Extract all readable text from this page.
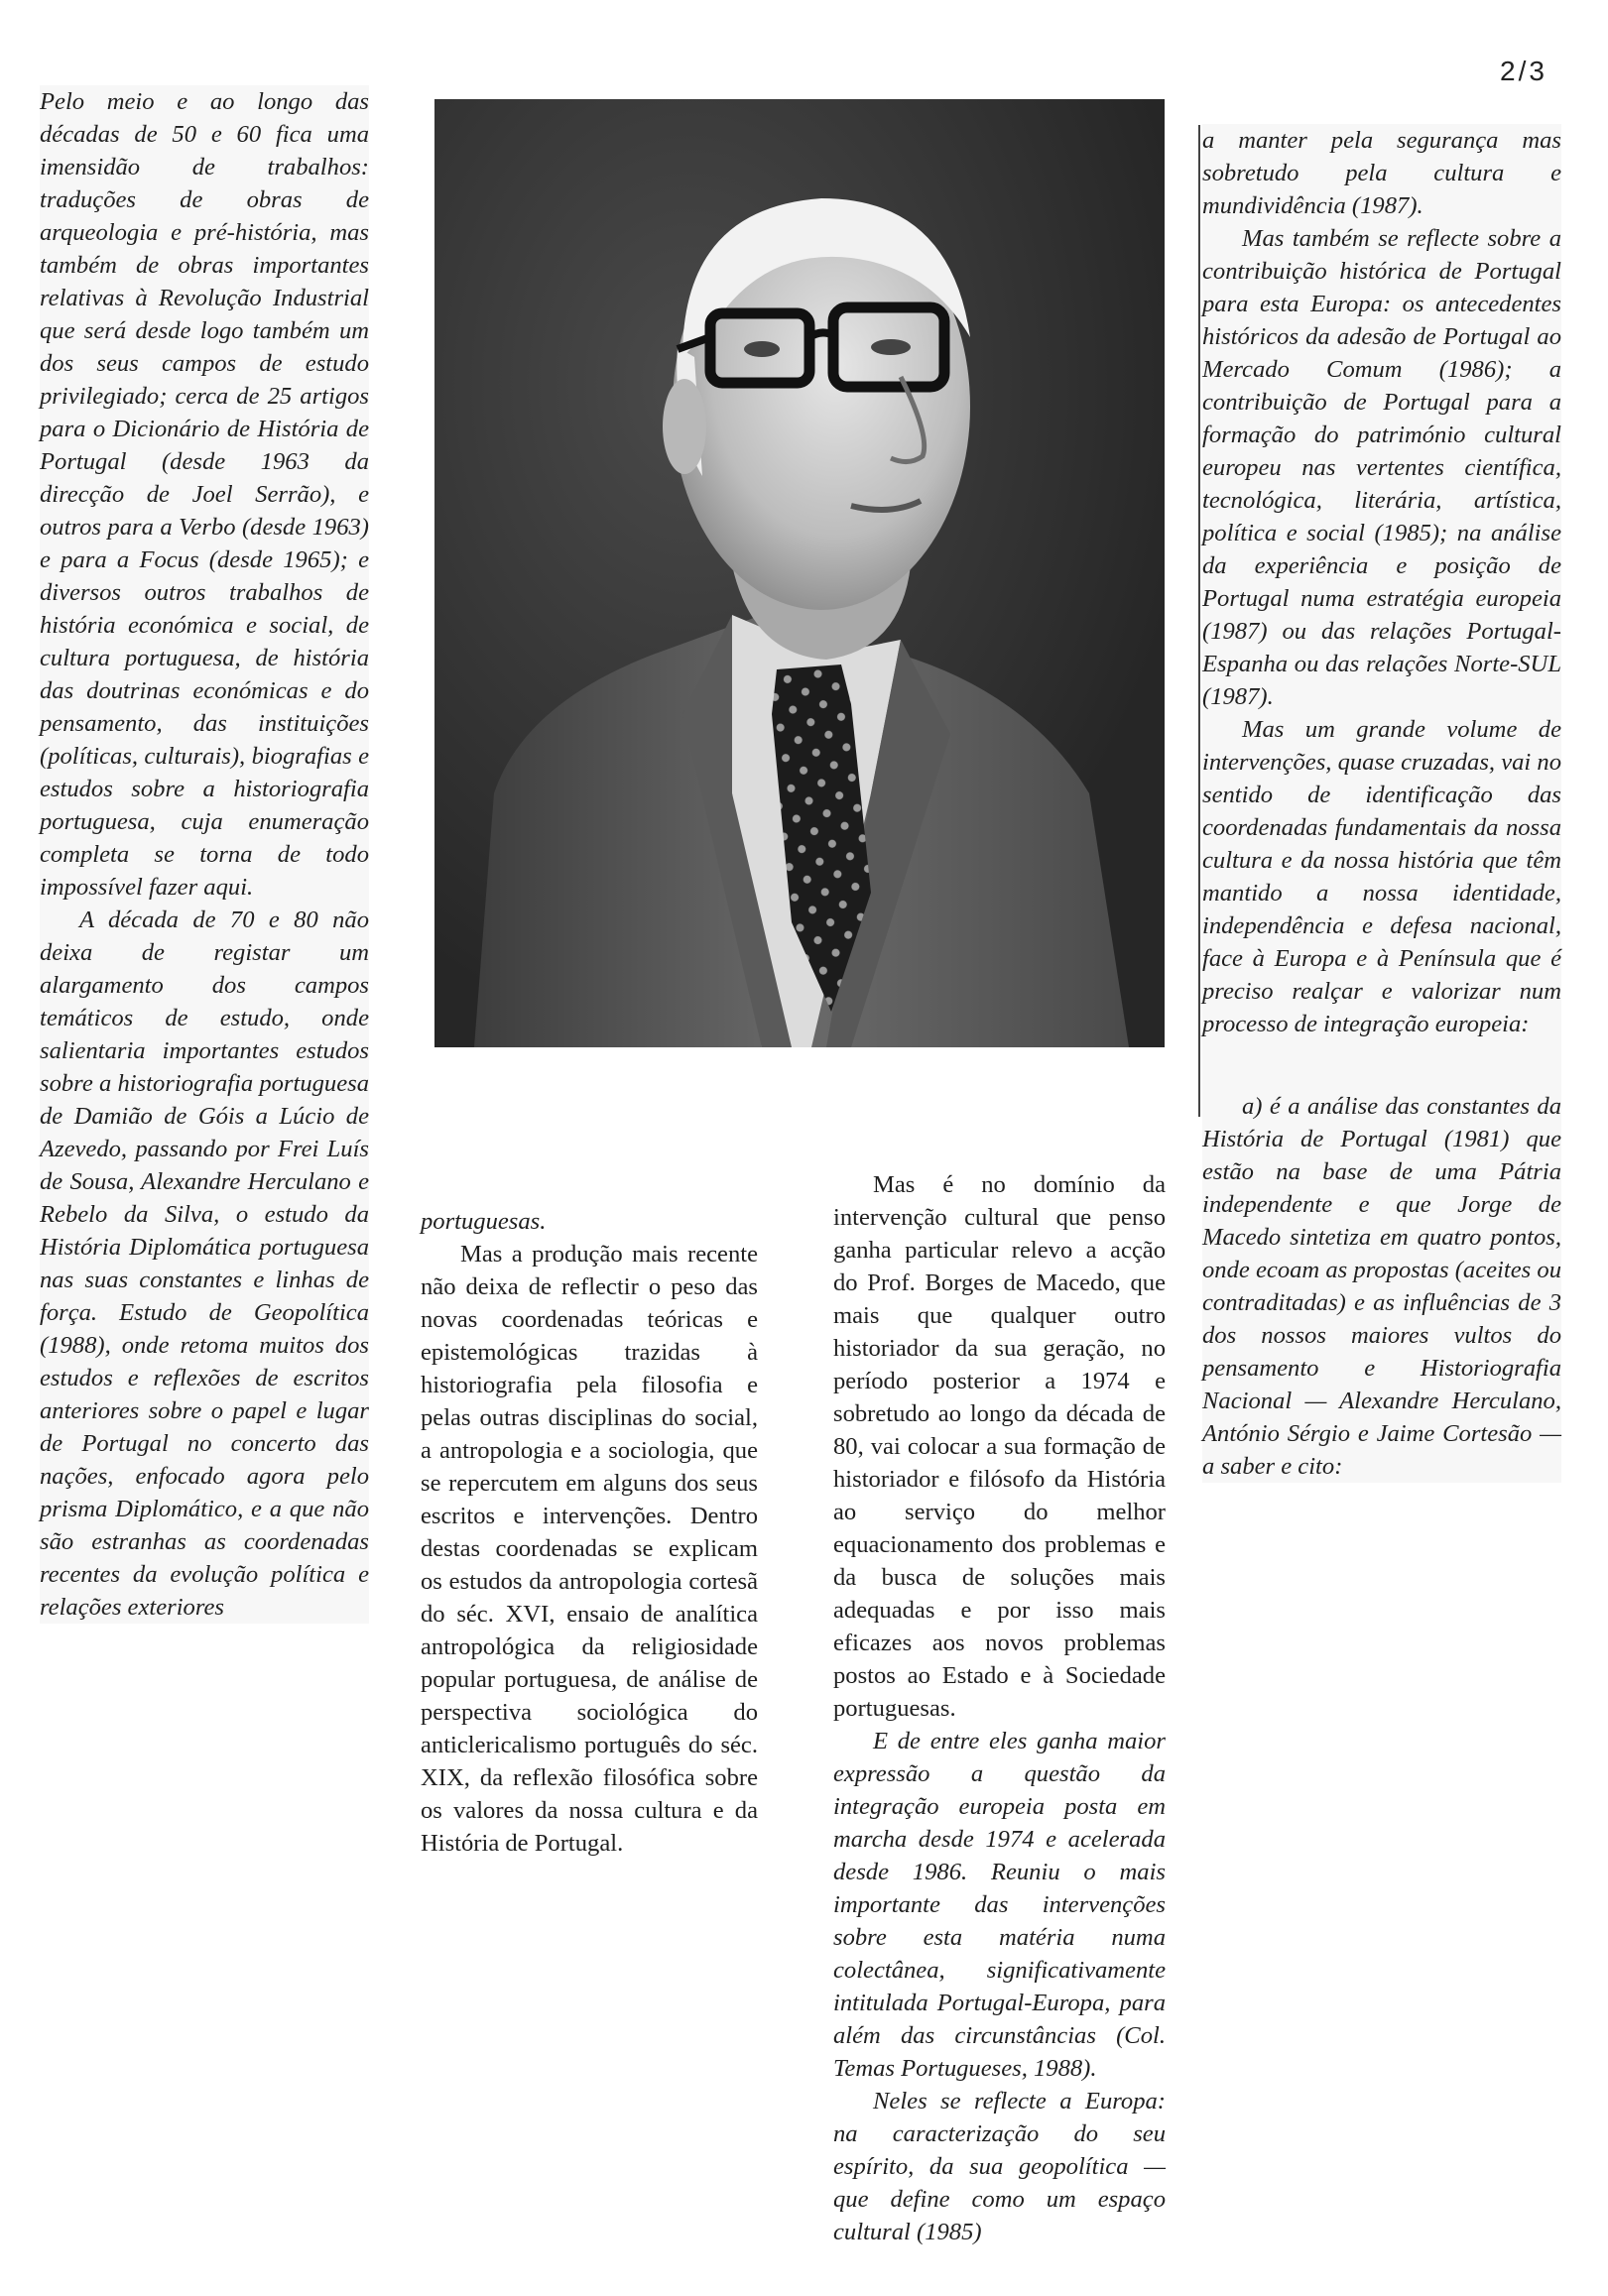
2/3

Pelo meio e ao longo das décadas de 50 e 60 fica uma imensidão de trabalhos: traduções de obras de arqueologia e pré-história, mas também de obras importantes relativas à Revolução Industrial que será desde logo também um dos seus campos de estudo privilegiado; cerca de 25 artigos para o Dicionário de História de Portugal (desde 1963 da direcção de Joel Serrão), e outros para a Verbo (desde 1963) e para a Focus (desde 1965); e diversos outros trabalhos de história económica e social, de cultura portuguesa, de história das doutrinas económicas e do pensamento, das instituições (políticas, culturais), biografias e estudos sobre a historiografia portuguesa, cuja enumeração completa se torna de todo impossível fazer aqui.

A década de 70 e 80 não deixa de registar um alargamento dos campos temáticos de estudo, onde salientaria importantes estudos sobre a historiografia portuguesa de Damião de Góis a Lúcio de Azevedo, passando por Frei Luís de Sousa, Alexandre Herculano e Rebelo da Silva, o estudo da História Diplomática portuguesa nas suas constantes e linhas de força. Estudo de Geopolítica (1988), onde retoma muitos dos estudos e reflexões de escritos anteriores sobre o papel e lugar de Portugal no concerto das nações, enfocado agora pelo prisma Diplomático, e a que não são estranhas as coordenadas recentes da evolução política e relações exteriores

portuguesas.

Mas a produção mais recente não deixa de reflectir o peso das novas coordenadas teóricas e epistemológicas trazidas à historiografia pela filosofia e pelas outras disciplinas do social, a antropologia e a sociologia, que se repercutem em alguns dos seus escritos e intervenções. Dentro destas coordenadas se explicam os estudos da antropologia cortesã do séc. XVI, ensaio de analítica antropológica da religiosidade popular portuguesa, de análise de perspectiva sociológica do anticlericalismo português do séc. XIX, da reflexão filosófica sobre os valores da nossa cultura e da História de Portugal.

Mas é no domínio da intervenção cultural que penso ganha particular relevo a acção do Prof. Borges de Macedo, que mais que qualquer outro historiador da sua geração, no período posterior a 1974 e sobretudo ao longo da década de 80, vai colocar a sua formação de historiador e filósofo da História ao serviço do melhor equacionamento dos problemas e da busca de soluções mais adequadas e por isso mais eficazes aos novos problemas postos ao Estado e à Sociedade portuguesas.

E de entre eles ganha maior expressão a questão da integração europeia posta em marcha desde 1974 e acelerada desde 1986. Reuniu o mais importante das intervenções sobre esta matéria numa colectânea, significativamente intitulada Portugal-Europa, para além das circunstâncias (Col. Temas Portugueses, 1988).

Neles se reflecte a Europa: na caracterização do seu espírito, da sua geopolítica — que define como um espaço cultural (1985)

a manter pela segurança mas sobretudo pela cultura e mundividência (1987).

Mas também se reflecte sobre a contribuição histórica de Portugal para esta Europa: os antecedentes históricos da adesão de Portugal ao Mercado Comum (1986); a contribuição de Portugal para a formação do património cultural europeu nas vertentes científica, tecnológica, literária, artística, política e social (1985); na análise da experiência e posição de Portugal numa estratégia europeia (1987) ou das relações Portugal-Espanha ou das relações Norte-SUL (1987).

Mas um grande volume de intervenções, quase cruzadas, vai no sentido de identificação das coordenadas fundamentais da nossa cultura e da nossa história que têm mantido a nossa identidade, independência e defesa nacional, face à Europa e à Península que é preciso realçar e valorizar num processo de integração europeia:

a) é a análise das constantes da História de Portugal (1981) que estão na base de uma Pátria independente e que Jorge de Macedo sintetiza em quatro pontos, onde ecoam as propostas (aceites ou contraditadas) e as influências de 3 dos nossos maiores vultos do pensamento e Historiografia Nacional — Alexandre Herculano, António Sérgio e Jaime Cortesão — a saber e cito:
